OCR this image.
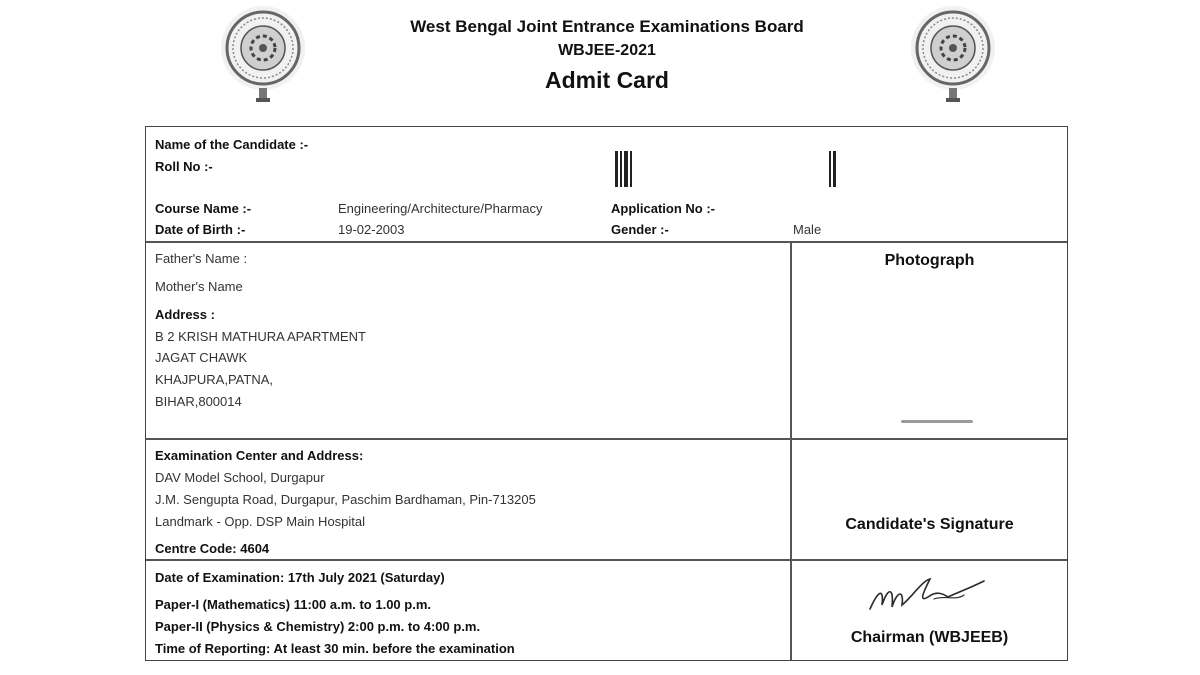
West Bengal Joint Entrance Examinations Board
WBJEE-2021
Admit Card
Name of the Candidate :-
Roll No :-
Course Name :-	Engineering/Architecture/Pharmacy	Application No :-
Date of Birth :-	19-02-2003	Gender :-	Male
Father's Name :
Mother's Name
Address :
B 2 KRISH MATHURA APARTMENT
JAGAT CHAWK
KHAJPURA,PATNA,
BIHAR,800014
Photograph
Examination Center and Address:
DAV Model School, Durgapur
J.M. Sengupta Road, Durgapur, Paschim Bardhaman, Pin-713205
Landmark - Opp. DSP Main Hospital
Centre Code: 4604
Candidate's Signature
Date of Examination: 17th July 2021 (Saturday)
Paper-I (Mathematics) 11:00 a.m. to 1.00 p.m.
Paper-II (Physics & Chemistry) 2:00 p.m. to 4:00 p.m.
Time of Reporting: At least 30 min. before the examination
Chairman (WBJEEB)
